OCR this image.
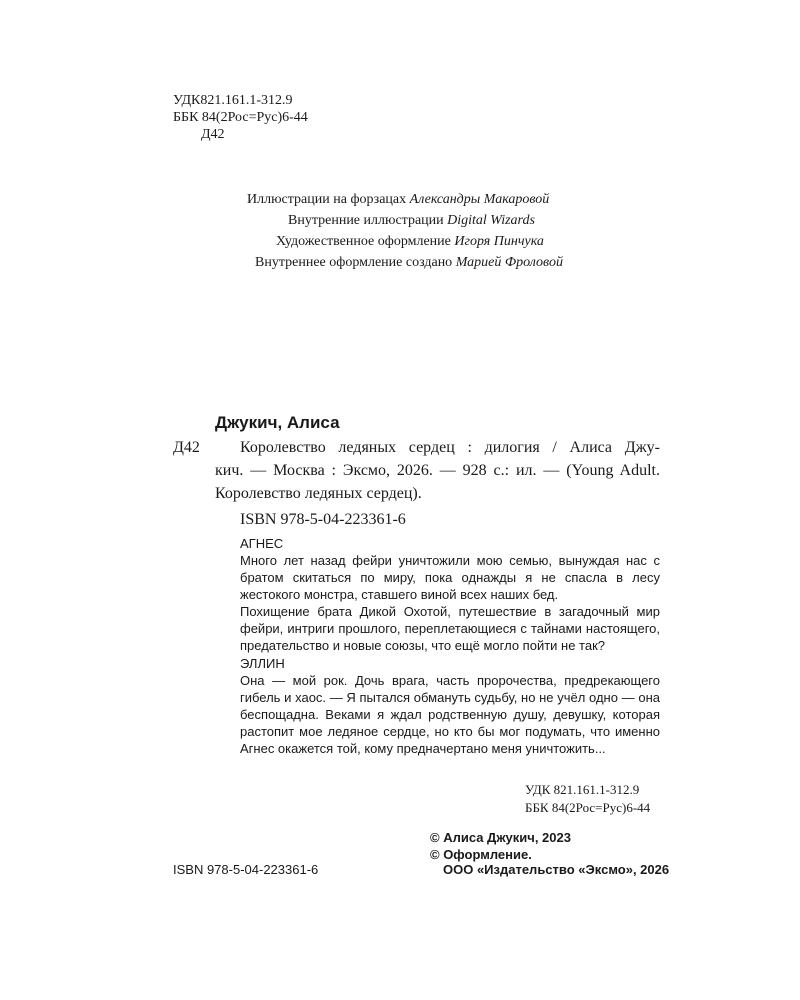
УДК821.161.1-312.9
ББК 84(2Рос=Рус)6-44
Д42
Иллюстрации на форзацах Александры Макаровой
Внутренние иллюстрации Digital Wizards
Художественное оформление Игоря Пинчука
Внутреннее оформление создано Марией Фроловой
Джукич, Алиса
Д42	Королевство ледяных сердец : дилогия / Алиса Джу-
кич. — Москва : Эксмо, 2026. — 928 с.: ил. — (Young Adult.
Королевство ледяных сердец).
ISBN 978-5-04-223361-6

АГНЕС

Много лет назад фейри уничтожили мою семью, вынуждая нас с братом скитаться по миру, пока однажды я не спасла в лесу жестокого монстра, ставшего виной всех наших бед.

Похищение брата Дикой Охотой, путешествие в загадочный мир фейри, интриги прошлого, переплетающиеся с тайнами настоящего, предательство и новые союзы, что ещё могло пойти не так?

ЭЛЛИН

Она — мой рок. Дочь врага, часть пророчества, предрекающего гибель и хаос. — Я пытался обмануть судьбу, но не учёл одно — она беспощадна. Веками я ждал родственную душу, девушку, которая растопит мое ледяное сердце, но кто бы мог подумать, что именно Агнес окажется той, кому предначертано меня уничтожить...

УДК 821.161.1-312.9
ББК 84(2Рос=Рус)6-44
ISBN 978-5-04-223361-6
© Алиса Джукич, 2023
© Оформление.
ООО «Издательство «Эксмо», 2026
